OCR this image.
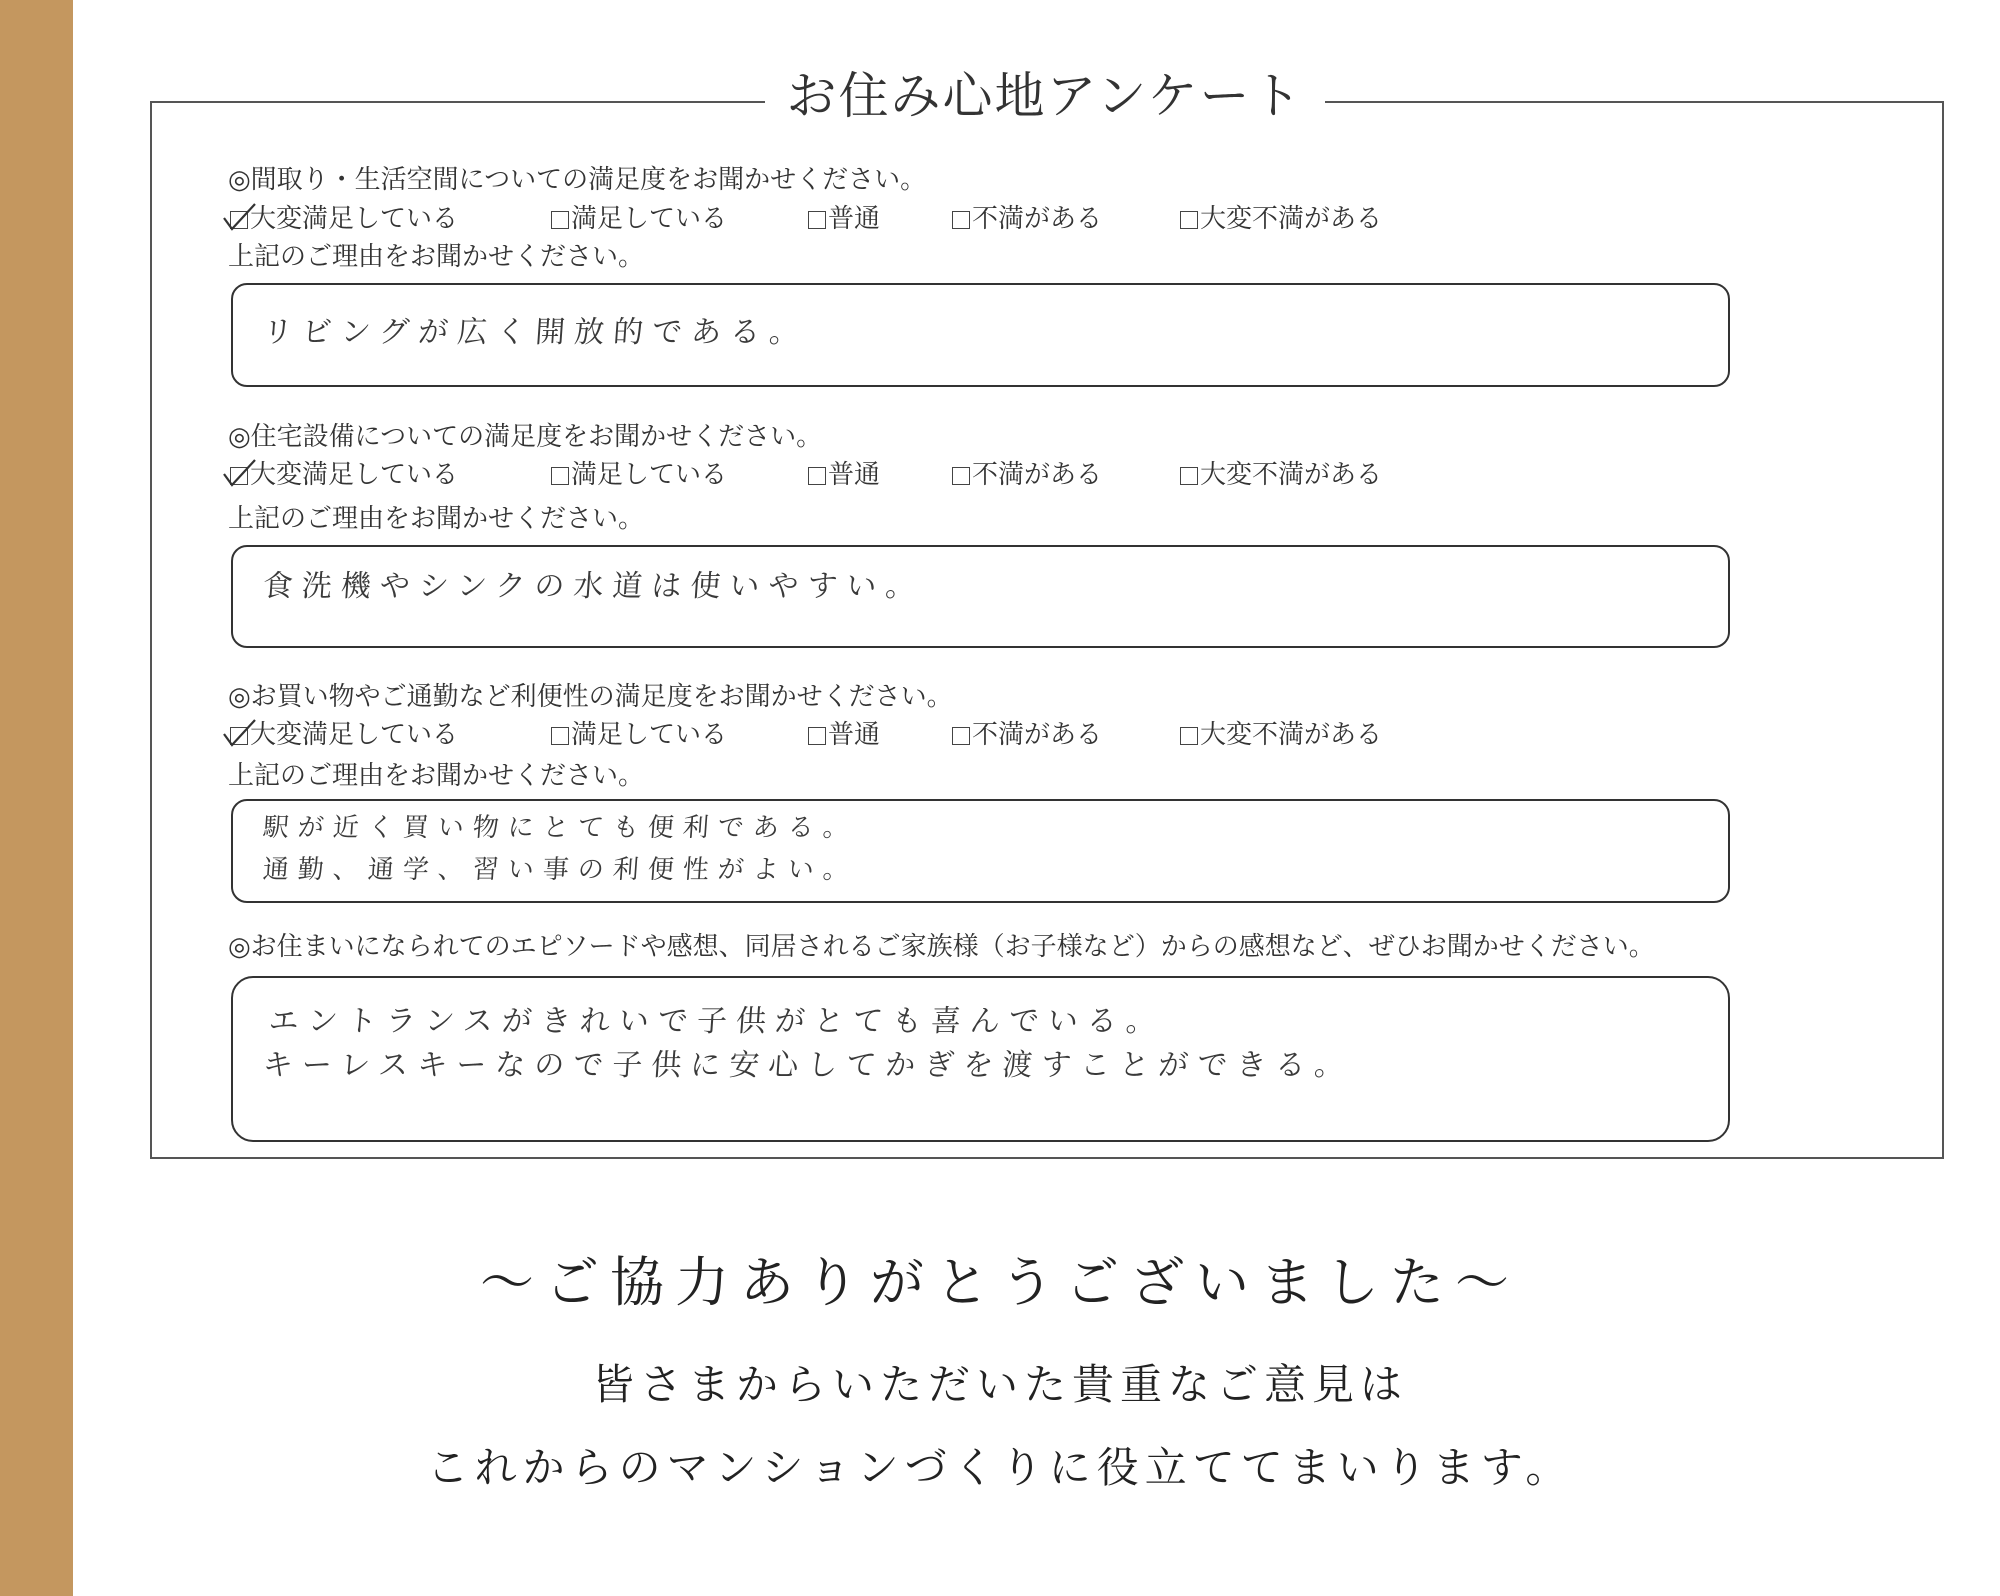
お住み心地アンケート
◎間取り・生活空間についての満足度をお聞かせください。
大変満足している	満足している	普通	不満がある	大変不満がある
上記のご理由をお聞かせください。
リビングが広く開放的である。
◎住宅設備についての満足度をお聞かせください。
大変満足している	満足している	普通	不満がある	大変不満がある
上記のご理由をお聞かせください。
食洗機やシンクの水道は使いやすい。
◎お買い物やご通勤など利便性の満足度をお聞かせください。
大変満足している	満足している	普通	不満がある	大変不満がある
上記のご理由をお聞かせください。
駅が近く買い物にとても便利である。
通勤、通学、習い事の利便性がよい。
◎お住まいになられてのエピソードや感想、同居されるご家族様（お子様など）からの感想など、ぜひお聞かせください。
エントランスがきれいで子供がとても喜んでいる。
キーレスキーなので子供に安心してかぎを渡すことができる。
〜ご協力ありがとうございました〜
皆さまからいただいた貴重なご意見は
これからのマンションづくりに役立ててまいります。
